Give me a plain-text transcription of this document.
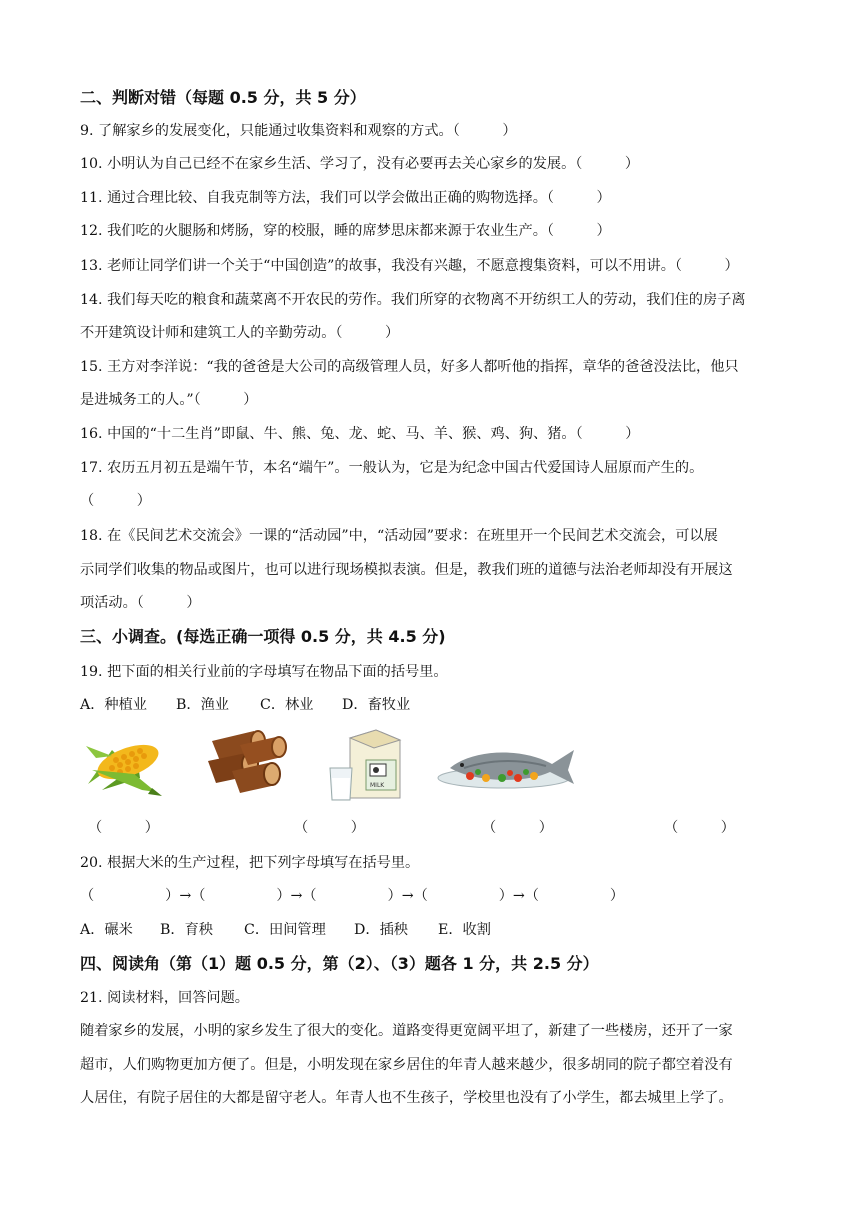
二、判断对错（每题 0.5 分，共 5 分）
9. 了解家乡的发展变化，只能通过收集资料和观察的方式。（　　　）
10. 小明认为自己已经不在家乡生活、学习了，没有必要再去关心家乡的发展。（　　　）
11. 通过合理比较、自我克制等方法，我们可以学会做出正确的购物选择。（　　　）
12. 我们吃的火腿肠和烤肠，穿的校服，睡的席梦思床都来源于农业生产。（　　　）
13. 老师让同学们讲一个关于“中国创造”的故事，我没有兴趣，不愿意搜集资料，可以不用讲。（　　　）
14. 我们每天吃的粮食和蔬菜离不开农民的劳作。我们所穿的衣物离不开纺织工人的劳动，我们住的房子离
不开建筑设计师和建筑工人的辛勤劳动。（　　　）
15. 王方对李洋说：“我的爸爸是大公司的高级管理人员，好多人都听他的指挥，章华的爸爸没法比，他只
是进城务工的人。”（　　　）
16. 中国的“十二生肖”即鼠、牛、熊、兔、龙、蛇、马、羊、猴、鸡、狗、猪。（　　　）
17. 农历五月初五是端午节，本名“端午”。一般认为，它是为纪念中国古代爱国诗人屈原而产生的。
（　　　）
18. 在《民间艺术交流会》一课的“活动园”中，“活动园”要求：在班里开一个民间艺术交流会，可以展
示同学们收集的物品或图片，也可以进行现场模拟表演。但是，教我们班的道德与法治老师却没有开展这
项活动。（　　　）
三、小调查。(每选正确一项得 0.5 分，共 4.5 分)
19. 把下面的相关行业前的字母填写在物品下面的括号里。
A．种植业 B．渔业 C．林业 D．畜牧业
MILK
（　　　）	（　　　）	（　　　）	（　　　）
20. 根据大米的生产过程，把下列字母填写在括号里。
（　　　　　）→（　　　　　）→（　　　　　）→（　　　　　）→（　　　　　）
A．碾米 B．育秧 C．田间管理 D．插秧 E．收割
四、阅读角（第（1）题 0.5 分，第（2）、（3）题各 1 分，共 2.5 分）
21. 阅读材料，回答问题。
随着家乡的发展，小明的家乡发生了很大的变化。道路变得更宽阔平坦了，新建了一些楼房，还开了一家
超市，人们购物更加方便了。但是，小明发现在家乡居住的年青人越来越少，很多胡同的院子都空着没有
人居住，有院子居住的大都是留守老人。年青人也不生孩子，学校里也没有了小学生，都去城里上学了。
